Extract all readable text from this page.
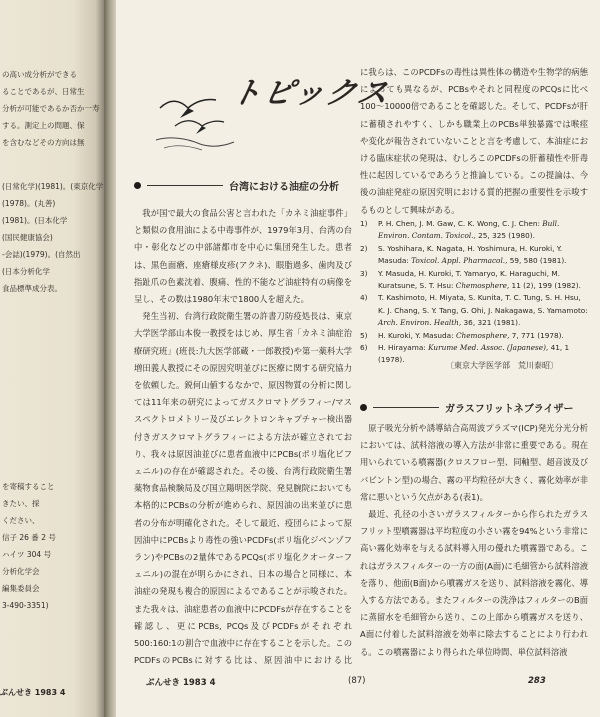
の高い成分析ができる
ることであるが、日常生
分析が可能であるか否か一寿
する。測定上の問題、保
を含むなどその方向は無
(日常化学)(1981)。(東京化学
(1978)。(丸善)
(1981)。(日本化学
(国民健康協会)
-会誌)(1979)。(自然出
(日本分析化学
食品標準成分表。
を寄稿すること
きたい、採
ください、
信子 26 番 2 号
ハイツ 304 号
分析化学会
編集委員会
3-490-3351)
ぶんせき 1983 4
トピックス
台湾における油症の分析

我が国で最大の食品公害と言われた「カネミ油症事件」と類似の食用油による中毒事件が、1979年3月、台湾の台中・彰化などの中部諸都市を中心に集団発生した。患者は、黒色面瘡、座瘡様皮疹(アクネ)、眼脂過多、歯肉及び指趾爪の色素沈着、腹痛、性的不能など油症特有の病像を呈し、その数は1980年末で1800人を超えた。

発生当初、台湾行政院衛生署の許書刀防疫処長は、東京大学医学部山本俊一教授をはじめ、厚生省「カネミ油症治療研究班」(班長:九大医学部蔵・一郎教授)や第一薬科大学増田義人教授にその原因究明並びに医療に関する研究協力を依頼した。鋭何山値するなかで、原因物質の分析に関しては11年来の研究によってガスクロマトグラフィー/マススペクトロメトリー及びエレクトロンキャプチャー検出器付きガスクロマトグラフィーによる方法が確立されており、我々は原因油並びに患者血液中にPCBs(ポリ塩化ビフェニル)の存在が確認された。その後、台湾行政院衛生署薬物食品検験局及び国立陽明医学院、発見腕院においても本格的にPCBsの分析が進められ、原因油の出来並びに患者の分布が明確化された。そして最近、疫団らによって原因油中にPCBsより毒性の強いPCDFs(ポリ塩化ジベンゾフラン)やPCBsの2量体であるPCQs(ポリ塩化クオーターフェニル)の混在が明らかにされ、日本の場合と同様に、本油症の発現も複合的原因によるであることが示唆された。また我々は、油症患者の血液中にPCDFsが存在することを確認し、更にPCBs, PCQs及びPCDFsがそれぞれ500:160:1の割合で血液中に存在することを示した。このPCDFsのPCBsに対する比は、原因油中における比

に我らは、このPCDFsの毒性は異性体の構造や生物学的病態によっても異なるが、PCBsやそれと同程度のPCQsに比べ100〜10000倍であることを確認した。そして、PCDFsが肝に蓄積されやすく、しかも職業上のPCBs単独暴露では喉痙や変化が報告されていないことと言を考慮して、本油症における臨床症状の発現は、むしろこのPCDFsの肝蓄積性や肝毒性に起因しているであろうと推論している。この提論は、今後の油症発症の原因究明における質的把握の重要性を示唆するものとして興味がある。

1)	P. H. Chen, J. M. Gaw, C. K. Wong, C. J. Chen: Bull. Environ. Contam. Toxicol., 25, 325 (1980).
2)	S. Yoshihara, K. Nagata, H. Yoshimura, H. Kuroki, Y. Masuda: Toxicol. Appl. Pharmacol., 59, 580 (1981).
3)	Y. Masuda, H. Kuroki, T. Yamaryo, K. Haraguchi, M. Kuratsune, S. T. Hsu: Chemosphere, 11 (2), 199 (1982).
4)	T. Kashimoto, H. Miyata, S. Kunita, T. C. Tung, S. H. Hsu, K. J. Chang, S. Y. Tang, G. Ohi, J. Nakagawa, S. Yamamoto: Arch. Environ. Health, 36, 321 (1981).
5)	H. Kuroki, Y. Masuda: Chemosphere, 7, 771 (1978).
6)	H. Hirayama: Kurume Med. Assoc. (Japanese), 41, 1 (1978).
〔東京大学医学部　荒川泰昭〕
ガラスフリットネブライザー

原子吸光分析や誘導結合高周波プラズマ(ICP)発光分光分析においては、試料溶液の導入方法が非常に重要である。現在用いられている噴霧器(クロスフロー型、同軸型、超音波及びバビントン型)の場合、霧の平均粒径が大きく、霧化効率が非常に悪いという欠点がある(表1)。

最近、孔径の小さいガラスフィルターから作られたガラスフリット型噴霧器は平均粒度の小さい霧を94%という非常に高い霧化効率を与える試料導入用の優れた噴霧器である。これはガラスフィルターの一方の面(A面)に毛細管から試料溶液を落り、他面(B面)から噴霧ガスを送り、試料溶液を霧化、導入する方法である。またフィルターの洗浄はフィルターのB面に蒸留水を毛細管から送り、この上部から噴霧ガスを送り、A面に付着した試料溶液を効率に除去することにより行われる。この噴霧器により得られた単位時間、単位試料溶液

ぶんせき 1983 4	(87)	283
